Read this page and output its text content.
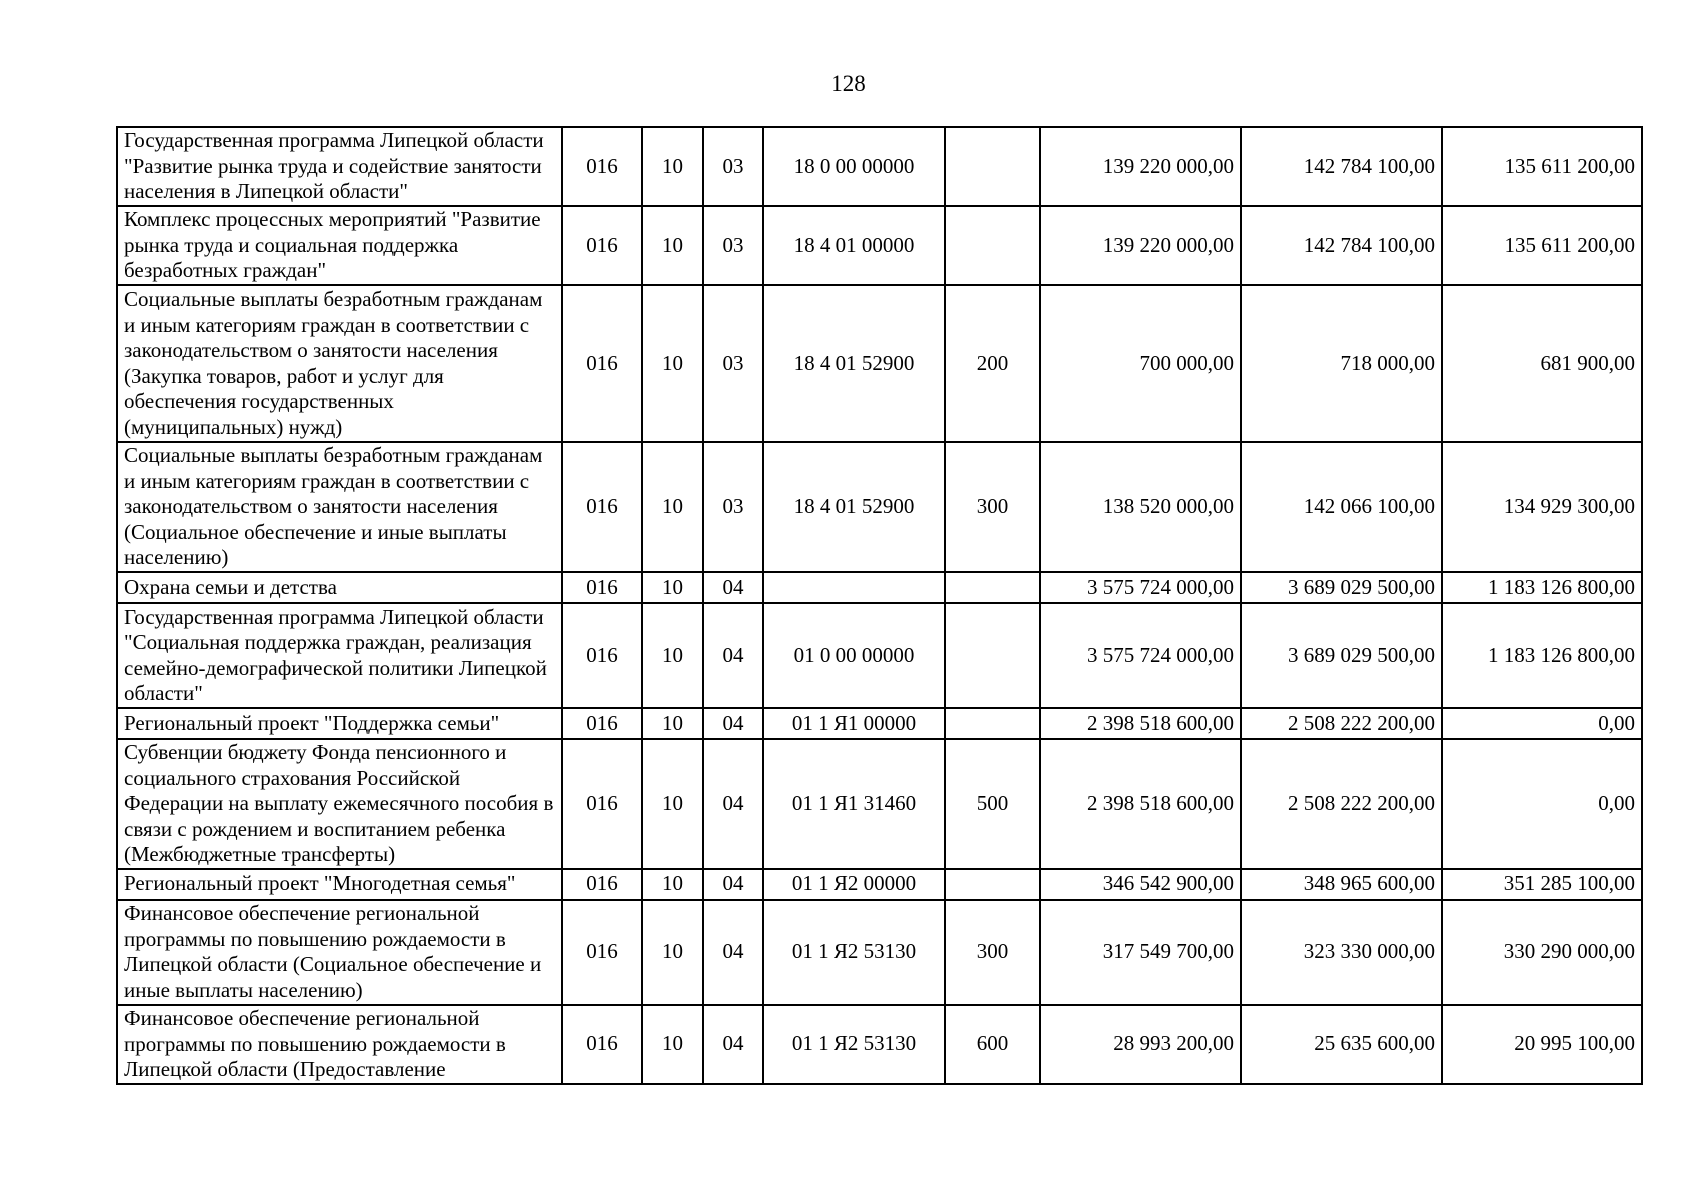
128
Государственная программа Липецкой области "Развитие рынка труда и содействие занятости населения в Липецкой области"	016	10	03	18 0 00 00000		139 220 000,00	142 784 100,00	135 611 200,00
Комплекс процессных мероприятий "Развитие рынка труда и социальная поддержка безработных граждан"	016	10	03	18 4 01 00000		139 220 000,00	142 784 100,00	135 611 200,00
Социальные выплаты безработным гражданам и иным категориям граждан в соответствии с законодательством о занятости населения (Закупка товаров, работ и услуг для обеспечения государственных (муниципальных) нужд)	016	10	03	18 4 01 52900	200	700 000,00	718 000,00	681 900,00
Социальные выплаты безработным гражданам и иным категориям граждан в соответствии с законодательством о занятости населения (Социальное обеспечение и иные выплаты населению)	016	10	03	18 4 01 52900	300	138 520 000,00	142 066 100,00	134 929 300,00
Охрана семьи и детства	016	10	04			3 575 724 000,00	3 689 029 500,00	1 183 126 800,00
Государственная программа Липецкой области "Социальная поддержка граждан, реализация семейно-демографической политики Липецкой области"	016	10	04	01 0 00 00000		3 575 724 000,00	3 689 029 500,00	1 183 126 800,00
Региональный проект "Поддержка семьи"	016	10	04	01 1 Я1 00000		2 398 518 600,00	2 508 222 200,00	0,00
Субвенции бюджету Фонда пенсионного и социального страхования Российской Федерации на выплату ежемесячного пособия в связи с рождением и воспитанием ребенка (Межбюджетные трансферты)	016	10	04	01 1 Я1 31460	500	2 398 518 600,00	2 508 222 200,00	0,00
Региональный проект "Многодетная семья"	016	10	04	01 1 Я2 00000		346 542 900,00	348 965 600,00	351 285 100,00
Финансовое обеспечение региональной программы по повышению рождаемости в Липецкой области (Социальное обеспечение и иные выплаты населению)	016	10	04	01 1 Я2 53130	300	317 549 700,00	323 330 000,00	330 290 000,00

Финансовое обеспечение региональной программы по повышению рождаемости в Липецкой области (Предоставление	016	10	04	01 1 Я2 53130	600	28 993 200,00	25 635 600,00	20 995 100,00
